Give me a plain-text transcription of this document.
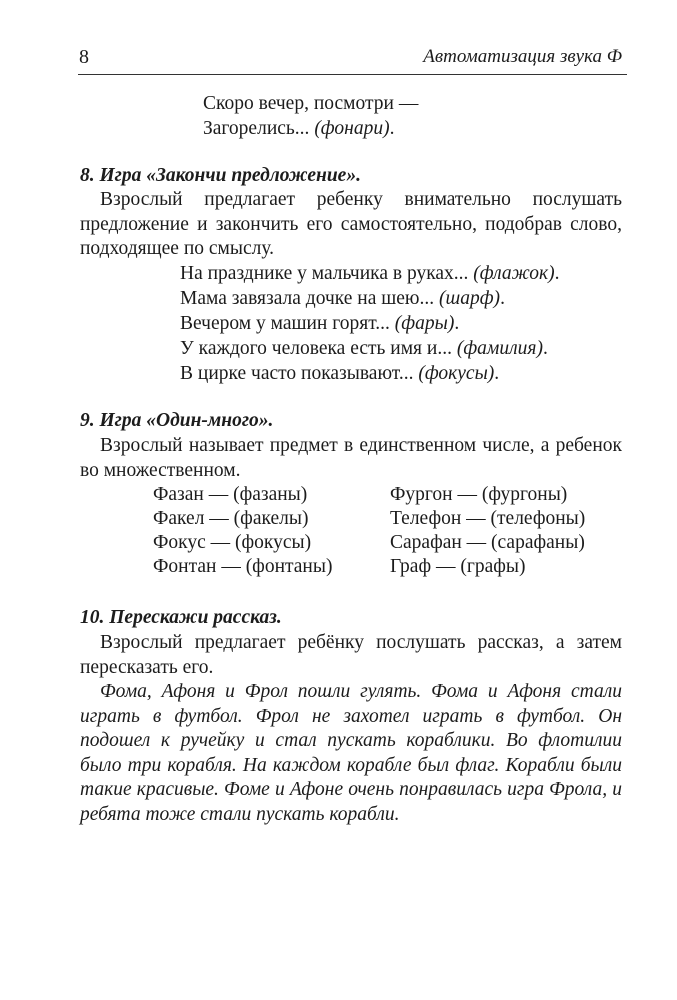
8	Автоматизация звука Ф
Скоро вечер, посмотри —
Загорелись... (фонари).
8. Игра «Закончи предложение».

Взрослый предлагает ребенку внимательно послушать предложение и закончить его самостоятельно, подобрав слово, подходящее по смыслу.

На празднике у мальчика в руках... (флажок).
Мама завязала дочке на шею... (шарф).
Вечером у машин горят... (фары).
У каждого человека есть имя и... (фамилия).
В цирке часто показывают... (фокусы).
9. Игра «Один-много».

Взрослый называет предмет в единственном числе, а ребенок во множественном.

Фазан — (фазаны)
Факел — (факелы)
Фокус — (фокусы)
Фонтан — (фонтаны)
Фургон — (фургоны)
Телефон — (телефоны)
Сарафан — (сарафаны)
Граф — (графы)
10. Перескажи рассказ.

Взрослый предлагает ребёнку послушать рассказ, а затем пересказать его.

Фома, Афоня и Фрол пошли гулять. Фома и Афоня стали играть в футбол. Фрол не захотел играть в футбол. Он подошел к ручейку и стал пускать кораблики. Во флотилии было три корабля. На каждом корабле был флаг. Корабли были такие красивые. Фоме и Афоне очень понравилась игра Фрола, и ребята тоже стали пускать корабли.
